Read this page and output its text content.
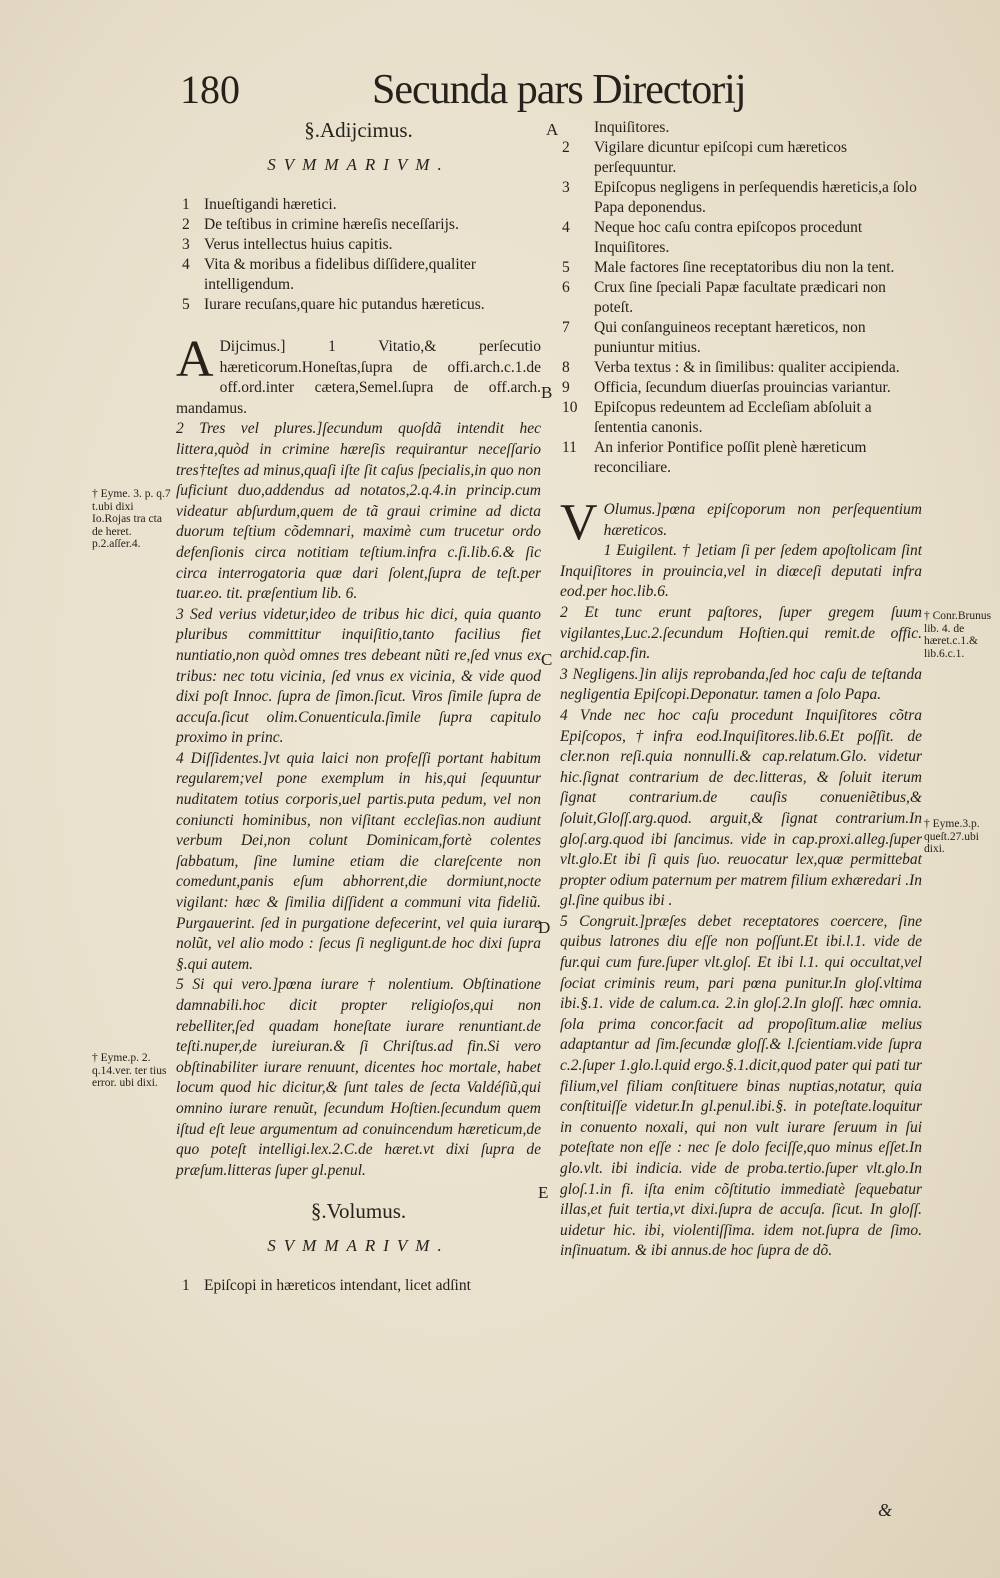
180	Secunda pars Directorij
§.Adijcimus.
SVMMARIVM.
1 Inueſtigandi hæretici.
2 De teſtibus in crimine hæreſis neceſſarijs.
3 Verus intellectus huius capitis.
4 Vita & moribus a fidelibus diſſidere,qualiter intelligendum.
5 Iurare recuſans,quare hic putandus hæreticus.

A Dijcimus.] 1 Vitatio,& perſecutio hæreticorum.Honeſtas,ſupra de offi.arch.c.1.de off.ord.inter cætera,Semel.ſupra de off.arch. mandamus.

2 Tres vel plures.]ſecundum quoſdã intendit hec littera,quòd in crimine hæreſis requirantur neceſſario tres†teſtes ad minus,quaſi iſte ſit caſus ſpecialis,in quo non ſuficiunt duo,addendus ad notatos,2.q.4.in princip.cum videatur abſurdum,quem de tã graui crimine ad dicta duorum teſtium cõdemnari, maximè cum trucetur ordo defenſionis circa notitiam teſtium.infra c.ſi.lib.6.& ſic circa interrogatoria quæ dari ſolent,ſupra de teſt.per tuar.eo. tit. præſentium lib. 6.

3 Sed verius videtur,ideo de tribus hic dici, quia quanto pluribus committitur inquiſitio,tanto facilius fiet nuntiatio,non quòd omnes tres debeant nũti re,ſed vnus ex tribus: nec totu vicinia, ſed vnus ex vicinia, & vide quod dixi poſt Innoc. ſupra de ſimon.ſicut. Viros ſimile ſupra de accuſa.ſicut olim.Conuenticula.ſimile ſupra capitulo proximo in princ.

4 Diſſidentes.]vt quia laici non profeſſi portant habitum regularem;vel pone exemplum in his,qui ſequuntur nuditatem totius corporis,uel partis.puta pedum, vel non coniuncti hominibus, non viſitant eccleſias.non audiunt verbum Dei,non colunt Dominicam,fortè colentes ſabbatum, ſine lumine etiam die clareſcente non comedunt,panis eſum abhorrent,die dormiunt,nocte vigilant: hæc & ſimilia diſſident a communi vita fideliũ. Purgauerint. ſed in purgatione defecerint, vel quia iurare nolũt, vel alio modo : ſecus ſi negligunt.de hoc dixi ſupra §.qui autem.

5 Si qui vero.]pœna iurare † nolentium. Obſtinatione damnabili.hoc dicit propter religioſos,qui non rebelliter,ſed quadam honeſtate iurare renuntiant.de teſti.nuper,de iureiuran.& ſi Chriſtus.ad fin.Si vero obſtinabiliter iurare renuunt, dicentes hoc mortale, habet locum quod hic dicitur,& ſunt tales de ſecta Valdéſiũ,qui omnino iurare renuũt, ſecundum Hoſtien.ſecundum quem iſtud eſt leue argumentum ad conuincendum hæreticum,de quo poteſt intelligi.lex.2.C.de hæret.vt dixi ſupra de præſum.litteras ſuper gl.penul.

§.Volumus.
SVMMARIVM.
1 Epiſcopi in hæreticos intendant, licet adſint
Inquiſitores.
2 Vigilare dicuntur epiſcopi cum hæreticos perſequuntur.
3 Epiſcopus negligens in perſequendis hæreticis,a ſolo Papa deponendus.
4 Neque hoc caſu contra epiſcopos procedunt Inquiſitores.
5 Male factores ſine receptatoribus diu non la tent.
6 Crux ſine ſpeciali Papæ facultate prædicari non poteſt.
7 Qui conſanguineos receptant hæreticos, non puniuntur mitius.
8 Verba textus : & in ſimilibus: qualiter accipienda.
9 Officia, ſecundum diuerſas prouincias variantur.
10 Epiſcopus redeuntem ad Eccleſiam abſoluit a ſententia canonis.
11 An inferior Pontifice poſſit plenè hæreticum reconciliare.

V Olumus.]pœna epiſcoporum non perſequentium hæreticos.

1 Euigilent. † ]etiam ſi per ſedem apoſtolicam ſint Inquiſitores in prouincia,vel in diœceſi deputati infra eod.per hoc.lib.6.

2 Et tunc erunt paſtores, ſuper gregem ſuum vigilantes,Luc.2.ſecundum Hoſtien.qui remit.de offic. archid.cap.fin.

3 Negligens.]in alijs reprobanda,ſed hoc caſu de teſtanda negligentia Epiſcopi.Deponatur. tamen a ſolo Papa.

4 Vnde nec hoc caſu procedunt Inquiſitores cõtra Epiſcopos,†infra eod.Inquiſitores.lib.6.Et poſſit. de cler.non reſi.quia nonnulli.& cap.relatum.Glo. videtur hic.ſignat contrarium de dec.litteras, & ſoluit iterum ſignat contrarium.de cauſis conueniẽtibus,& ſoluit,Gloſſ.arg.quod. arguit,& ſignat contrarium.In gloſ.arg.quod ibi ſancimus. vide in cap.proxi.alleg.ſuper vlt.glo.Et ibi ſi quis ſuo. reuocatur lex,quæ permittebat propter odium paternum per matrem filium exhæredari .In gl.ſine quibus ibi .

5 Congruit.]præſes debet receptatores coercere, ſine quibus latrones diu eſſe non poſſunt.Et ibi.l.1. vide de fur.qui cum fure.ſuper vlt.gloſ. Et ibi l.1. qui occultat,vel ſociat criminis reum, pari pœna punitur.In gloſ.vltima ibi.§.1. vide de calum.ca. 2.in gloſ.2.In gloſſ. hæc omnia. ſola prima concor.facit ad propoſitum.aliæ melius adaptantur ad ſim.ſecundæ gloſſ.& l.ſcientiam.vide ſupra c.2.ſuper 1.glo.l.quid ergo.§.1.dicit,quod pater qui pati tur filium,vel filiam conſtituere binas nuptias,notatur, quia conſtituiſſe videtur.In gl.penul.ibi.§. in poteſtate.loquitur in conuento noxali, qui non vult iurare ſeruum in ſui poteſtate non eſſe : nec ſe dolo feciſſe,quo minus eſſet.In glo.vlt. ibi indicia. vide de proba.tertio.ſuper vlt.glo.In gloſ.1.in fi. iſta enim cõſtitutio immediatè ſequebatur illas,et fuit tertia,vt dixi.ſupra de accuſa. ſicut. In gloſſ. uidetur hic. ibi, violentiſſima. idem not.ſupra de ſimo. inſinuatum. & ibi annus.de hoc ſupra de dõ.

A
B
C
D
E
† Eyme. 3. p. q.7 t.ubi dixi Io.Rojas tra cta de heret. p.2.aſſer.4.
† Eyme.p. 2. q.14.ver. ter tius error. ubi dixi.
† Conr.Brunus lib. 4. de hæret.c.1.& lib.6.c.1.
† Eyme.3.p. queſt.27.ubi dixi.
&
